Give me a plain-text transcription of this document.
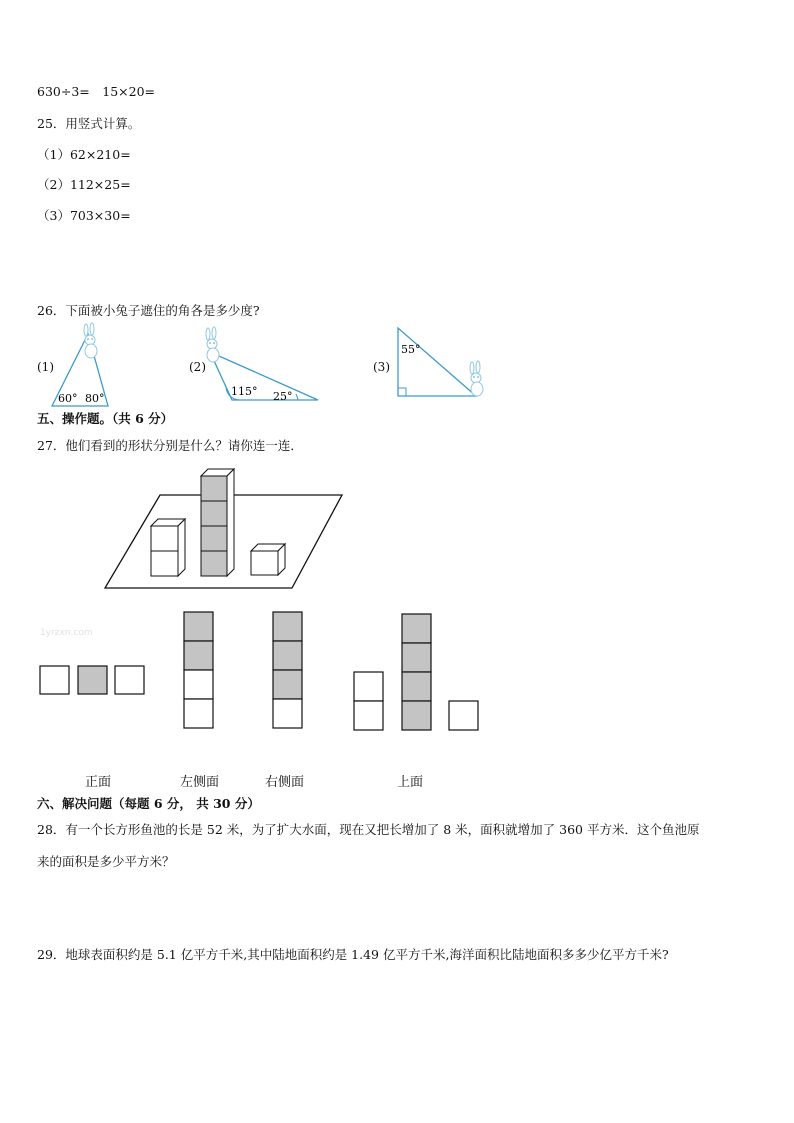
630÷3=　15×20=
25．用竖式计算。
（1）62×210=
（2）112×25=
（3）703×30=
26．下面被小兔子遮住的角各是多少度?
60° 80°
115° 25°
55°
(1)	(2)	(3)
五、操作题。（共 6 分）
27．他们看到的形状分别是什么？请你连一连．
1yrzxn.com
正面	左侧面	右侧面	上面
六、解决问题（每题 6 分， 共 30 分）
28．有一个长方形鱼池的长是 52 米，为了扩大水面，现在又把长增加了 8 米，面积就增加了 360 平方米．这个鱼池原
来的面积是多少平方米？
29．地球表面积约是 5.1 亿平方千米,其中陆地面积约是 1.49 亿平方千米,海洋面积比陆地面积多多少亿平方千米?
